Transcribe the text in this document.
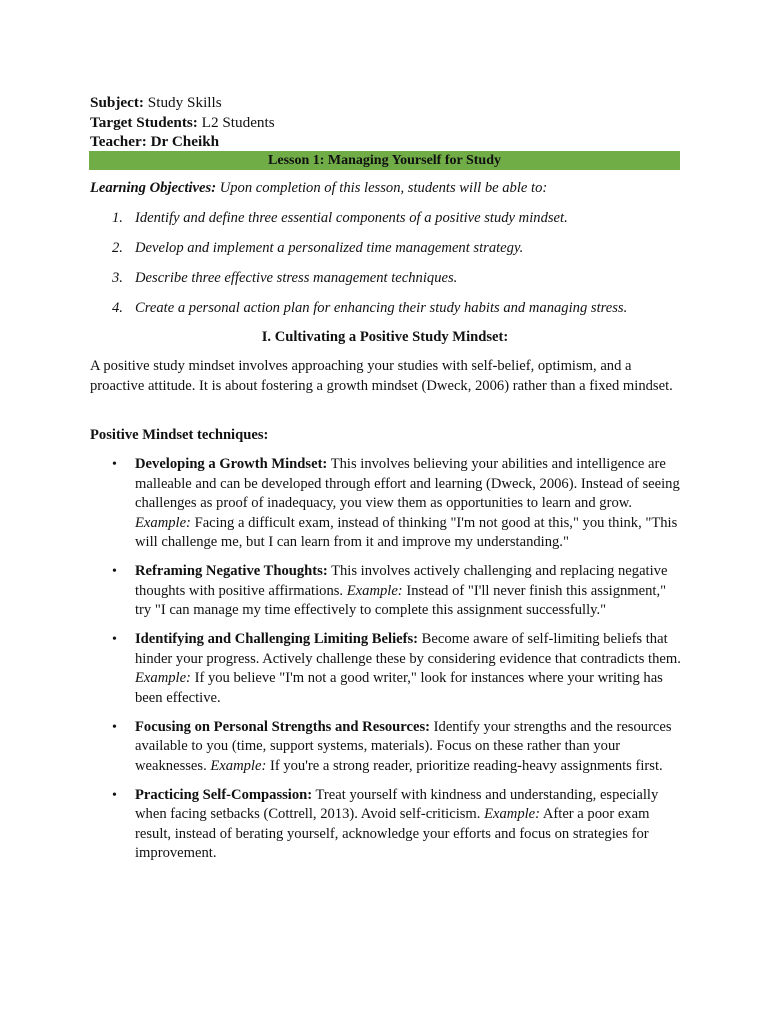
Subject: Study Skills
Target Students: L2 Students
Teacher: Dr Cheikh
Lesson 1: Managing Yourself for Study
Learning Objectives: Upon completion of this lesson, students will be able to:
1. Identify and define three essential components of a positive study mindset.
2. Develop and implement a personalized time management strategy.
3. Describe three effective stress management techniques.
4. Create a personal action plan for enhancing their study habits and managing stress.
I. Cultivating a Positive Study Mindset:

A positive study mindset involves approaching your studies with self-belief, optimism, and a proactive attitude. It is about fostering a growth mindset (Dweck, 2006) rather than a fixed mindset.

Positive Mindset techniques:
• Developing a Growth Mindset: This involves believing your abilities and intelligence are malleable and can be developed through effort and learning (Dweck, 2006). Instead of seeing challenges as proof of inadequacy, you view them as opportunities to learn and grow. Example: Facing a difficult exam, instead of thinking "I'm not good at this," you think, "This will challenge me, but I can learn from it and improve my understanding."
• Reframing Negative Thoughts: This involves actively challenging and replacing negative thoughts with positive affirmations. Example: Instead of "I'll never finish this assignment," try "I can manage my time effectively to complete this assignment successfully."
• Identifying and Challenging Limiting Beliefs: Become aware of self-limiting beliefs that hinder your progress. Actively challenge these by considering evidence that contradicts them. Example: If you believe "I'm not a good writer," look for instances where your writing has been effective.
• Focusing on Personal Strengths and Resources: Identify your strengths and the resources available to you (time, support systems, materials). Focus on these rather than your weaknesses. Example: If you're a strong reader, prioritize reading-heavy assignments first.
• Practicing Self-Compassion: Treat yourself with kindness and understanding, especially when facing setbacks (Cottrell, 2013). Avoid self-criticism. Example: After a poor exam result, instead of berating yourself, acknowledge your efforts and focus on strategies for improvement.
